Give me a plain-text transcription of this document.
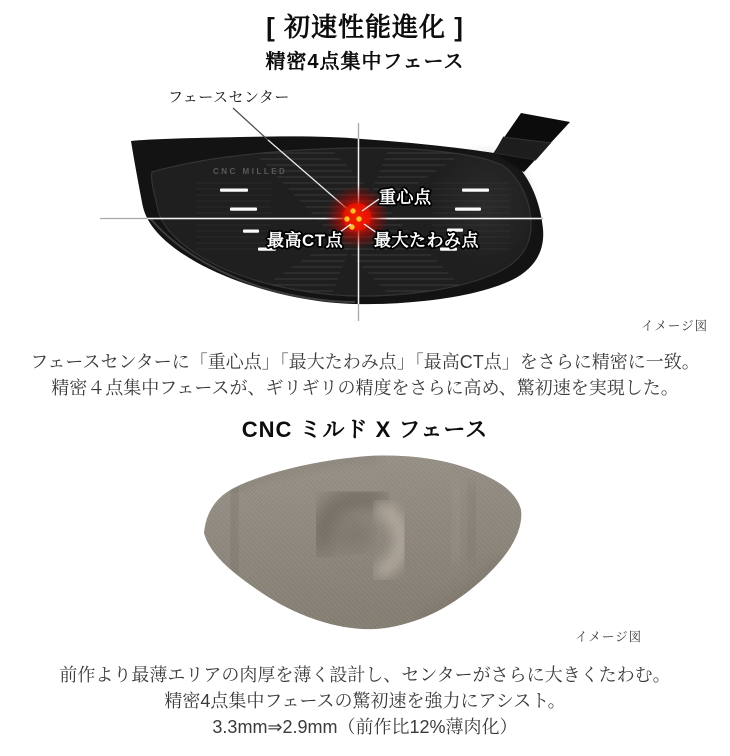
[ 初速性能進化 ]
精密4点集中フェース
CNC MILLED
重心点
最高CT点 最大たわみ点
フェースセンター
イメージ図
フェースセンターに「重心点」「最大たわみ点」「最高CT点」をさらに精密に一致。
精密４点集中フェースが、ギリギリの精度をさらに高め、驚初速を実現した。
CNC ミルド X フェース
イメージ図
前作より最薄エリアの肉厚を薄く設計し、センターがさらに大きくたわむ。
精密4点集中フェースの驚初速を強力にアシスト。
3.3mm⇒2.9mm（前作比12%薄肉化）
